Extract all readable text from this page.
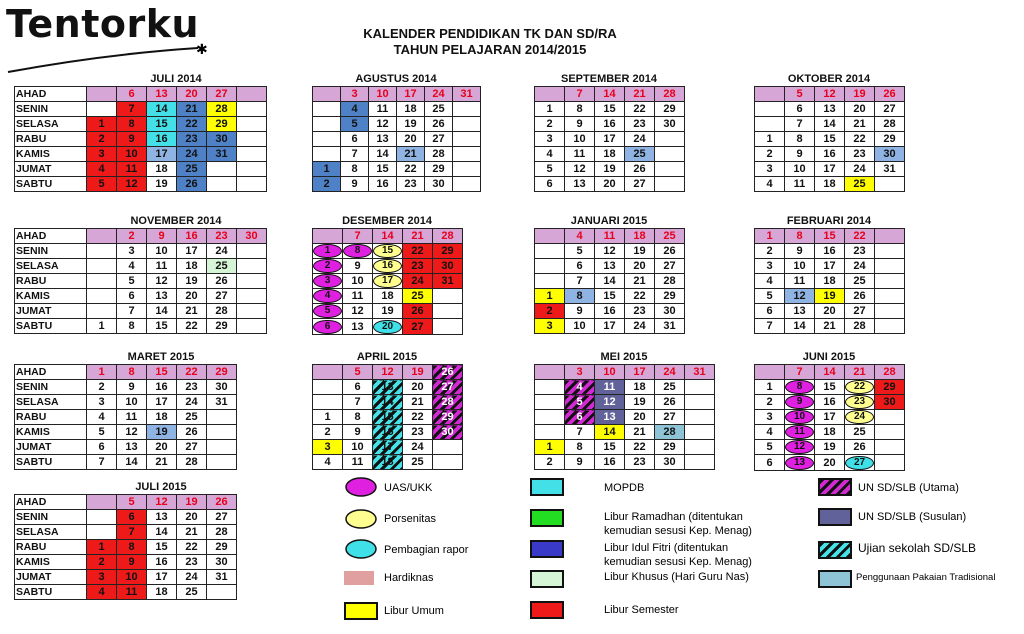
Tentorku
✱
KALENDER PENDIDIKAN TK DAN SD/RA
TAHUN PELAJARAN 2014/2015
JULI 2014
AHAD		6	13	20	27	
SENIN		7	14	21	28	
SELASA	1	8	15	22	29	
RABU	2	9	16	23	30	
KAMIS	3	10	17	24	31	
JUMAT	4	11	18	25		
SABTU	5	12	19	26		
AGUSTUS 2014
	3	10	17	24	31
	4	11	18	25	
	5	12	19	26	
	6	13	20	27	
	7	14	21	28	
1	8	15	22	29	
2	9	16	23	30	
SEPTEMBER 2014
	7	14	21	28
1	8	15	22	29
2	9	16	23	30
3	10	17	24	
4	11	18	25	
5	12	19	26	
6	13	20	27	
OKTOBER 2014
	5	12	19	26
	6	13	20	27
	7	14	21	28
1	8	15	22	29
2	9	16	23	30
3	10	17	24	31
4	11	18	25	
NOVEMBER 2014
AHAD		2	9	16	23	30
SENIN		3	10	17	24	
SELASA		4	11	18	25	
RABU		5	12	19	26	
KAMIS		6	13	20	27	
JUMAT		7	14	21	28	
SABTU	1	8	15	22	29	
DESEMBER 2014
	7	14	21	28
1	8	15	22	29
2	9	16	23	30
3	10	17	24	31
4	11	18	25	
5	12	19	26	
6	13	20	27	
JANUARI 2015
	4	11	18	25
	5	12	19	26
	6	13	20	27
	7	14	21	28
1	8	15	22	29
2	9	16	23	30
3	10	17	24	31
FEBRUARI 2014
1	8	15	22	
2	9	16	23	
3	10	17	24	
4	11	18	25	
5	12	19	26	
6	13	20	27	
7	14	21	28	
MARET 2015
AHAD	1	8	15	22	29
SENIN	2	9	16	23	30
SELASA	3	10	17	24	31
RABU	4	11	18	25	
KAMIS	5	12	19	26	
JUMAT	6	13	20	27	
SABTU	7	14	21	28	
APRIL 2015
	5	12	19	26
	6	13	20	27
	7	14	21	28
1	8	15	22	29
2	9	16	23	30
3	10	17	24	
4	11	18	25	
MEI 2015
	3	10	17	24	31
	4	11	18	25	
	5	12	19	26	
	6	13	20	27	
	7	14	21	28	
1	8	15	22	29	
2	9	16	23	30	
JUNI 2015
	7	14	21	28
1	8	15	22	29
2	9	16	23	30
3	10	17	24	
4	11	18	25	
5	12	19	26	
6	13	20	27	
JULI 2015
AHAD		5	12	19	26
SENIN		6	13	20	27
SELASA		7	14	21	28
RABU	1	8	15	22	29
KAMIS	2	9	16	23	30
JUMAT	3	10	17	24	31
SABTU	4	11	18	25	
UAS/UKK
Porsenitas
Pembagian rapor
Hardiknas
Libur Umum
MOPDB
Libur Ramadhan (ditentukan
kemudian sesusi Kep. Menag)
Libur Idul Fitri (ditentukan
kemudian sesusi Kep. Menag)
Libur Khusus (Hari Guru Nas)
Libur Semester
UN SD/SLB (Utama)
UN SD/SLB (Susulan)
Ujian sekolah SD/SLB
Penggunaan Pakaian Tradisional
